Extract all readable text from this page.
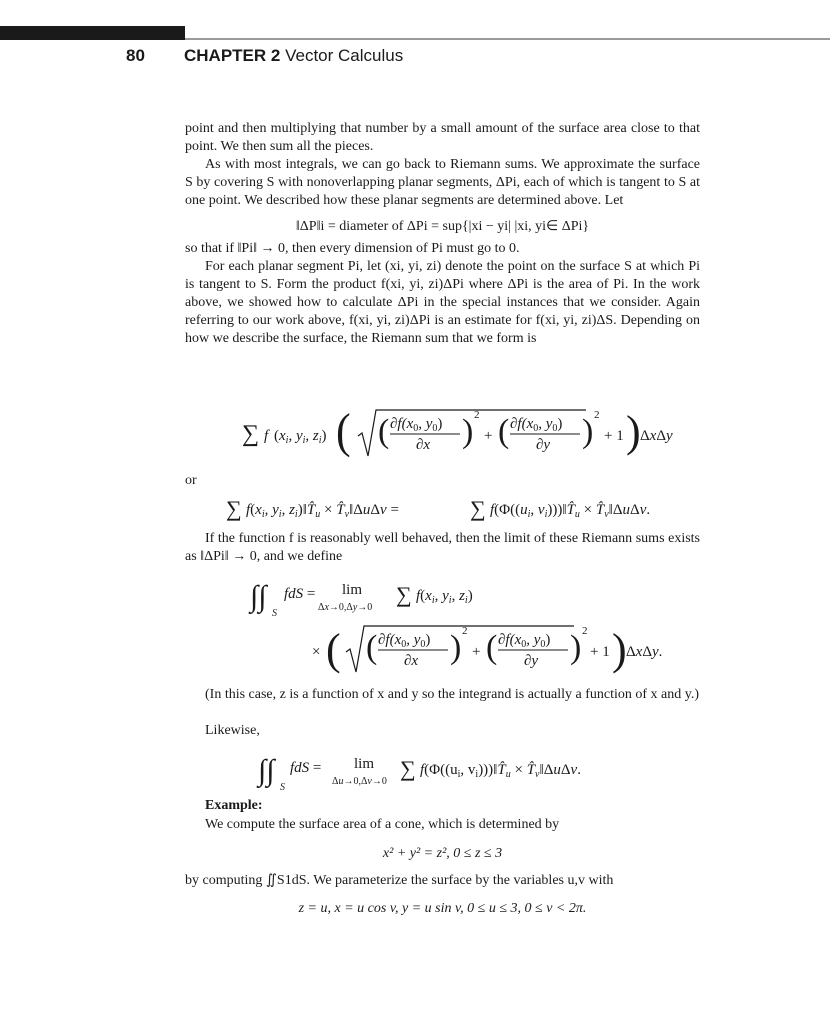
80 CHAPTER 2 Vector Calculus

point and then multiplying that number by a small amount of the surface area close to that point. We then sum all the pieces.

As with most integrals, we can go back to Riemann sums. We approximate the surface S by covering S with nonoverlapping planar segments, ΔPi, each of which is tangent to S at one point. We described how these planar segments are determined above. Let

‖ΔP‖i = diameter of ΔPi = sup{|xi − yi| |xi, yi∈ ΔPi}

so that if ‖Pi‖ → 0, then every dimension of Pi must go to 0.

For each planar segment Pi, let (xi, yi, zi) denote the point on the surface S at which Pi is tangent to S. Form the product f(xi, yi, zi)ΔPi where ΔPi is the area of Pi. In the work above, we showed how to calculate ΔPi in the special instances that we consider. Again referring to our work above, f(xi, yi, zi)ΔPi is an estimate for f(xi, yi, zi)ΔS. Depending on how we describe the surface, the Riemann sum that we form is

∑ f ($x_i$, $y_i$, $z_i$) ( ( $\partial f(x_0$, $y_0$)
∂x ) 2
+ ( $\partial f(x_0$, $y_0$)
∂y ) 2
+ 1 ) ΔxΔy
or
∑ $f(x_i$, $y_i$, $z_i)‖T̂_u$ × $T̂_v‖\Delta u\Delta v$ =	∑ $f(\Phi((u_i$, $v_i)))‖T̂_u$ × $T̂_v‖\Delta u\Delta v$.
If the function f is reasonably well behaved, then the limit of these Riemann sums exists as ‖ΔPi‖ → 0, and we define
∫∫
S
fdS = lim
Δx→0,Δy→0
∑ $f(x_i$, $y_i$, $z_i$)
× ( ( $\partial f(x_0$, $y_0$)
∂x ) 2
+ ( $\partial f(x_0$, $y_0$)
∂y ) 2
+ 1 ) ΔxΔy.
(In this case, z is a function of x and y so the integrand is actually a function of x and y.)
Likewise,
∫∫
S
fdS = lim
Δu→0,Δv→0
∑ $f(\Phi((u_i$, $v_i)))‖T̂_u$ × $T̂_v‖\Delta u\Delta v$.
Example:
We compute the surface area of a cone, which is determined by
x² + y² = z², 0 ≤ z ≤ 3
by computing ∬S1dS. We parameterize the surface by the variables u,v with
z = u, x = u cos v, y = u sin v, 0 ≤ u ≤ 3, 0 ≤ v < 2π.
